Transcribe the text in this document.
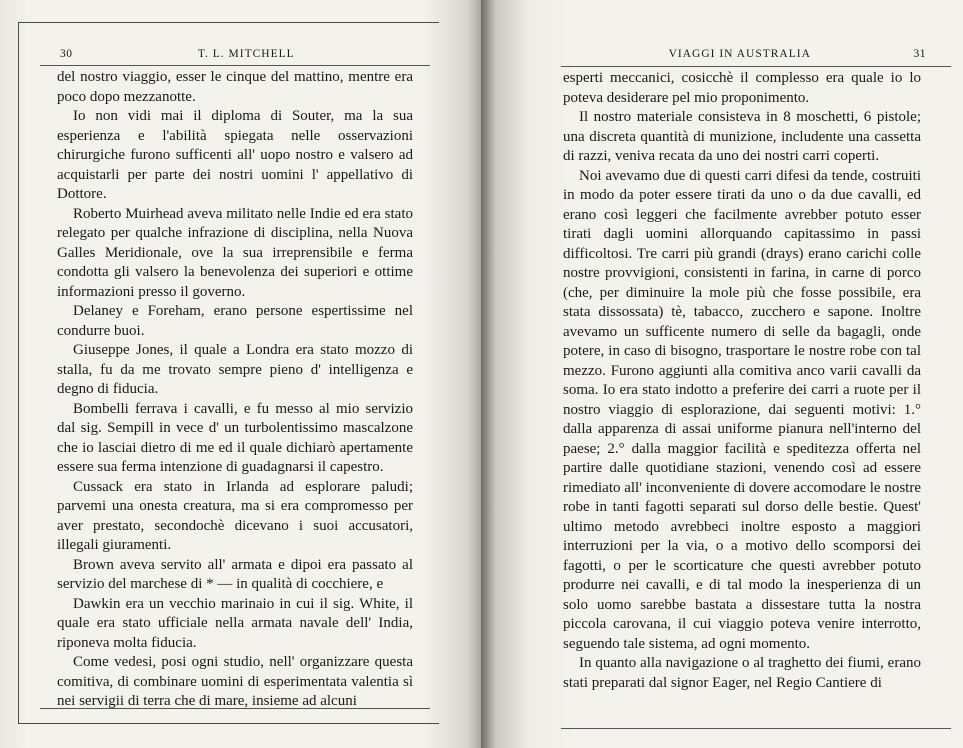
30	T. L. MITCHELL

del nostro viaggio, esser le cinque del mattino, mentre era poco dopo mezzanotte.

Io non vidi mai il diploma di Souter, ma la sua esperienza e l'abilità spiegata nelle osservazioni chirurgiche furono sufficenti all' uopo nostro e valsero ad acquistarli per parte dei nostri uomini l' appellativo di Dottore.

Roberto Muirhead aveva militato nelle Indie ed era stato relegato per qualche infrazione di disciplina, nella Nuova Galles Meridionale, ove la sua irreprensibile e ferma condotta gli valsero la benevolenza dei superiori e ottime informazioni presso il governo.

Delaney e Foreham, erano persone espertissime nel condurre buoi.

Giuseppe Jones, il quale a Londra era stato mozzo di stalla, fu da me trovato sempre pieno d' intelligenza e degno di fiducia.

Bombelli ferrava i cavalli, e fu messo al mio servizio dal sig. Sempill in vece d' un turbolentissimo mascalzone che io lasciai dietro di me ed il quale dichiarò apertamente essere sua ferma intenzione di guadagnarsi il capestro.

Cussack era stato in Irlanda ad esplorare paludi; parvemi una onesta creatura, ma si era compromesso per aver prestato, secondochè dicevano i suoi accusatori, illegali giuramenti.

Brown aveva servito all' armata e dipoi era passato al servizio del marchese di * — in qualità di cocchiere, e

Dawkin era un vecchio marinaio in cui il sig. White, il quale era stato ufficiale nella armata navale dell' India, riponeva molta fiducia.

Come vedesi, posi ogni studio, nell' organizzare questa comitiva, di combinare uomini di esperimentata valentia sì nei servigii di terra che di mare, insieme ad alcuni

VIAGGI IN AUSTRALIA	31

esperti meccanici, cosicchè il complesso era quale io lo poteva desiderare pel mio proponimento.

Il nostro materiale consisteva in 8 moschetti, 6 pistole; una discreta quantità di munizione, includente una cassetta di razzi, veniva recata da uno dei nostri carri coperti.

Noi avevamo due di questi carri difesi da tende, costruiti in modo da poter essere tirati da uno o da due cavalli, ed erano così leggeri che facilmente avrebber potuto esser tirati dagli uomini allorquando capitassimo in passi difficoltosi. Tre carri più grandi (drays) erano carichi colle nostre provvigioni, consistenti in farina, in carne di porco (che, per diminuire la mole più che fosse possibile, era stata dissossata) tè, tabacco, zucchero e sapone. Inoltre avevamo un sufficente numero di selle da bagagli, onde potere, in caso di bisogno, trasportare le nostre robe con tal mezzo. Furono aggiunti alla comitiva anco varii cavalli da soma. Io era stato indotto a preferire dei carri a ruote per il nostro viaggio di esplorazione, dai seguenti motivi: 1.° dalla apparenza di assai uniforme pianura nell'interno del paese; 2.° dalla maggior facilità e speditezza offerta nel partire dalle quotidiane stazioni, venendo così ad essere rimediato all' inconveniente di dovere accomodare le nostre robe in tanti fagotti separati sul dorso delle bestie. Quest' ultimo metodo avrebbeci inoltre esposto a maggiori interruzioni per la via, o a motivo dello scomporsi dei fagotti, o per le scorticature che questi avrebber potuto produrre nei cavalli, e di tal modo la inesperienza di un solo uomo sarebbe bastata a dissestare tutta la nostra piccola carovana, il cui viaggio poteva venire interrotto, seguendo tale sistema, ad ogni momento.

In quanto alla navigazione o al traghetto dei fiumi, erano stati preparati dal signor Eager, nel Regio Cantiere di
